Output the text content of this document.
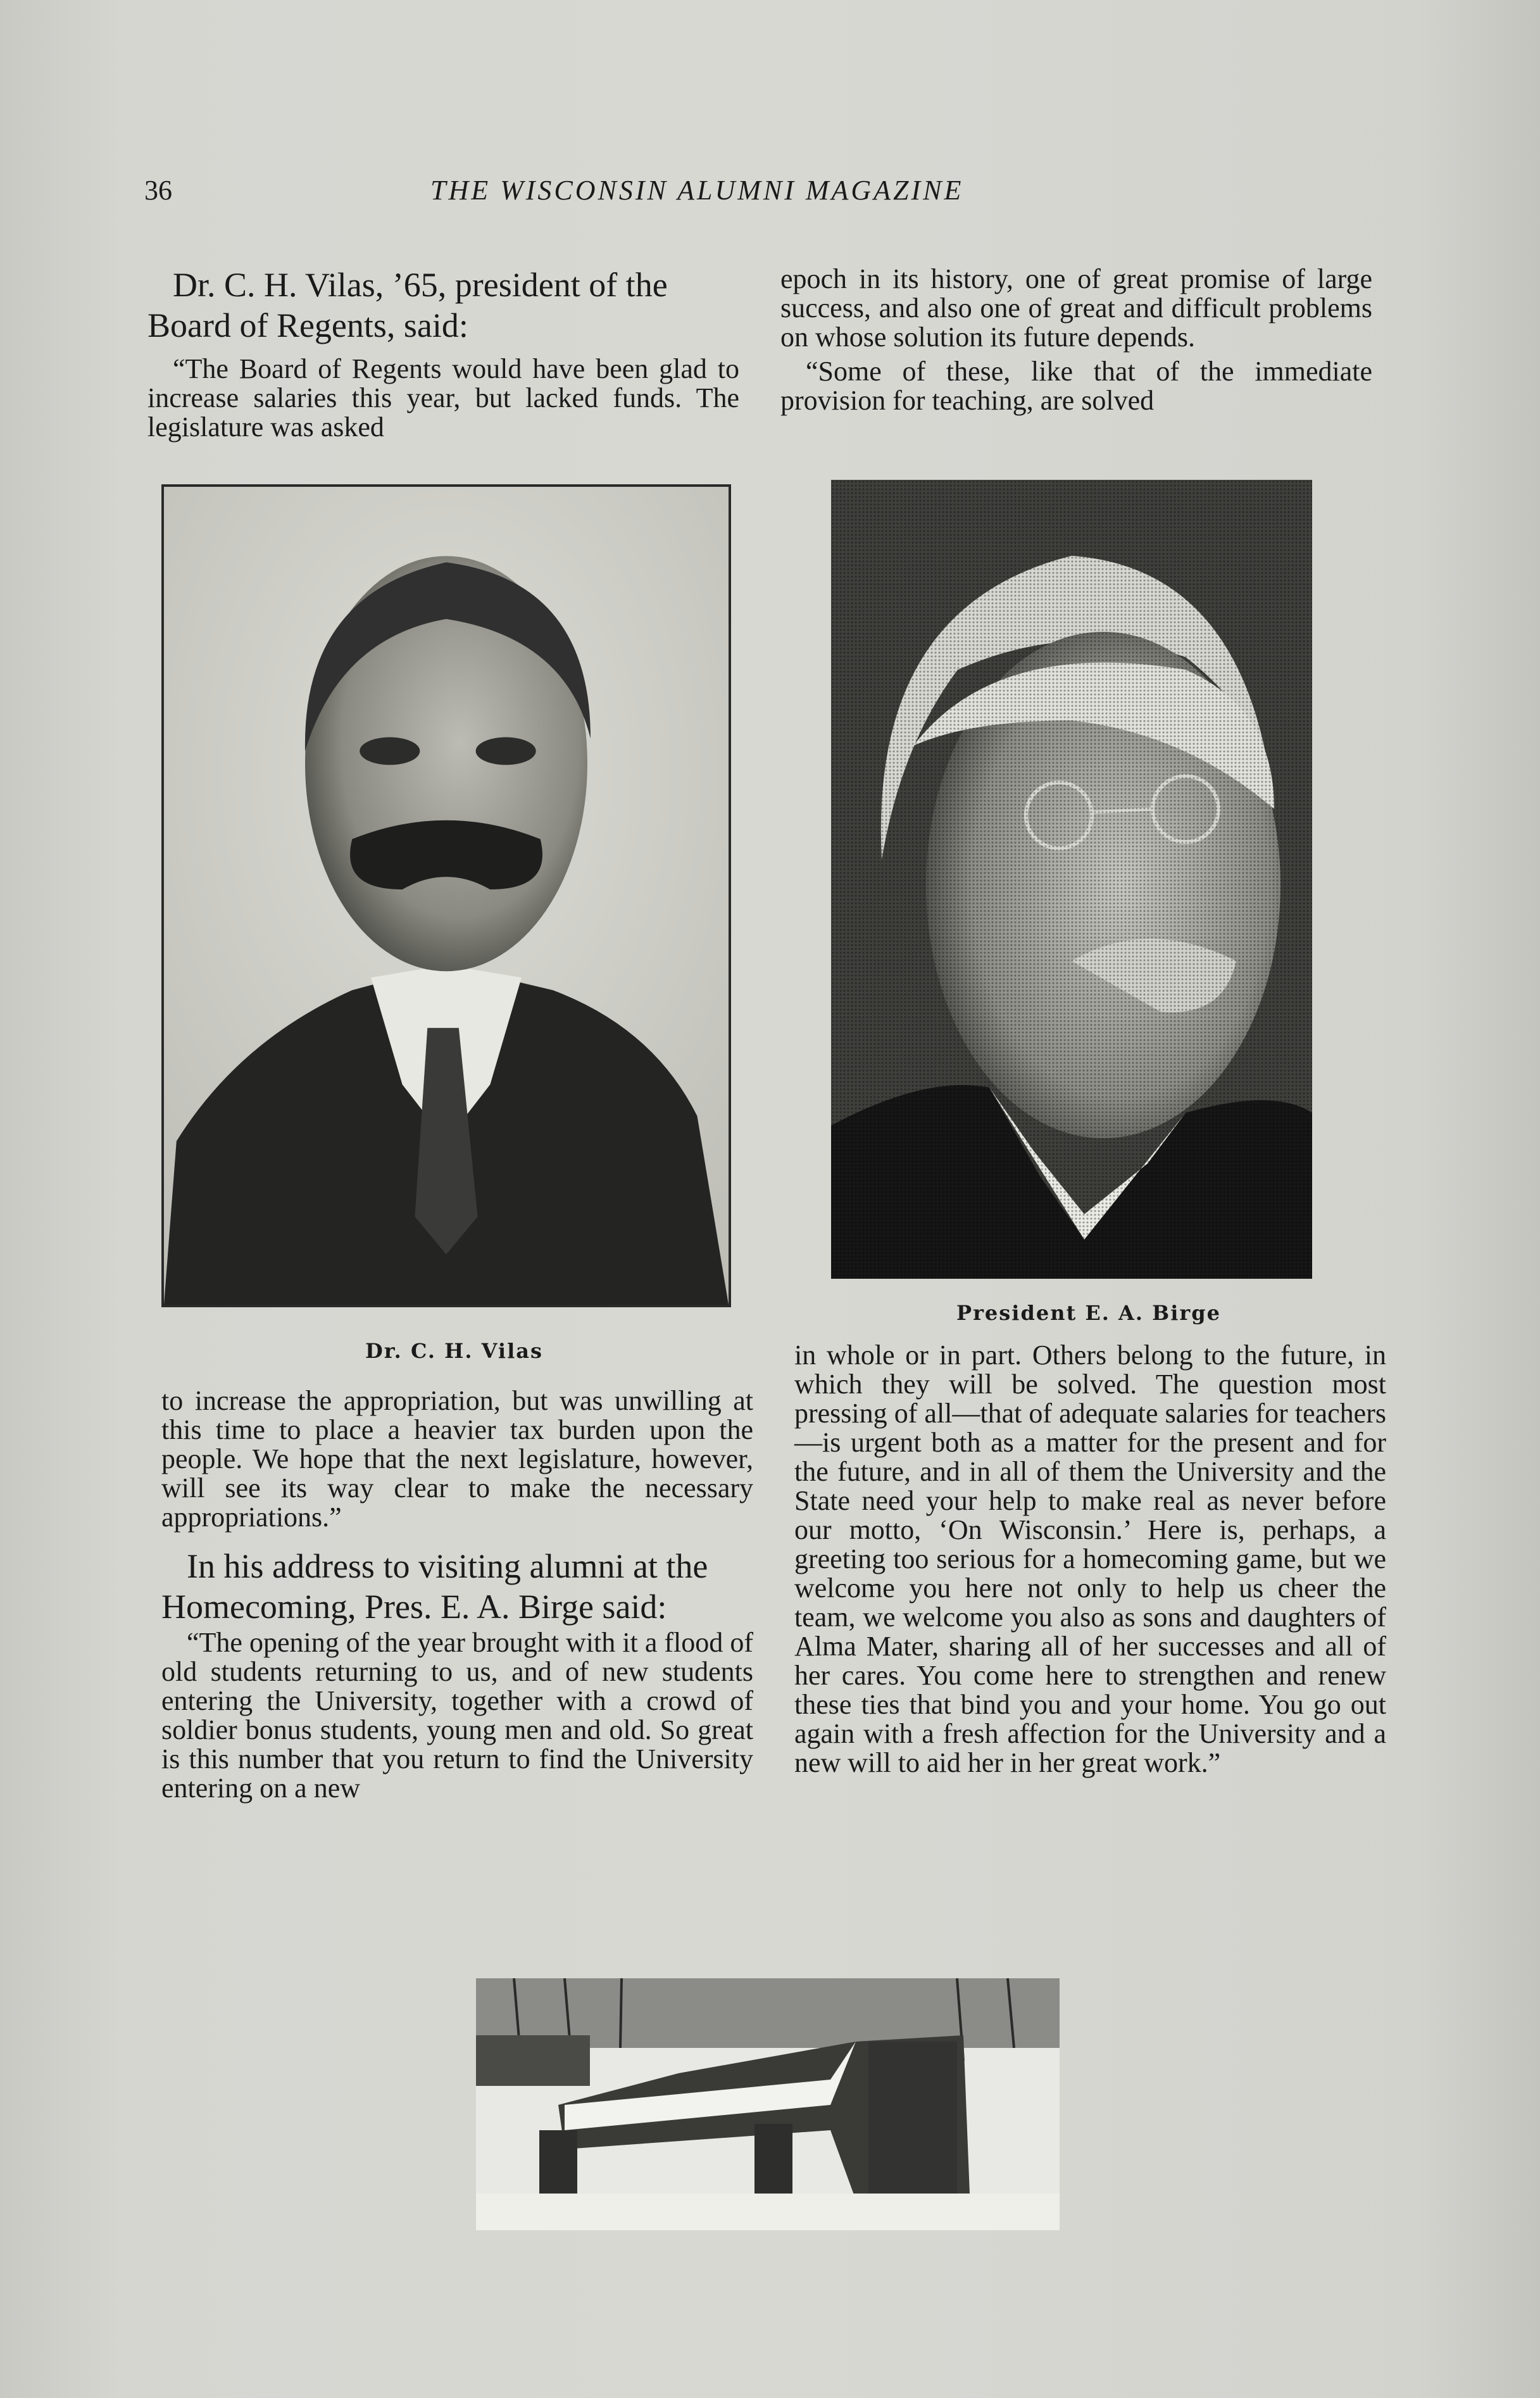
36	THE WISCONSIN ALUMNI MAGAZINE

Dr. C. H. Vilas, ’65, president of the Board of Regents, said:

“The Board of Regents would have been glad to increase salaries this year, but lacked funds. The legislature was asked

epoch in its history, one of great promise of large success, and also one of great and difficult problems on whose solution its future depends.

“Some of these, like that of the immediate provision for teaching, are solved

Dr. C. H. Vilas
President E. A. Birge

to increase the appropriation, but was unwilling at this time to place a heavier tax burden upon the people. We hope that the next legislature, however, will see its way clear to make the necessary appropriations.”

In his address to visiting alumni at the Homecoming, Pres. E. A. Birge said:

“The opening of the year brought with it a flood of old students returning to us, and of new students entering the University, together with a crowd of soldier bonus students, young men and old. So great is this number that you return to find the University entering on a new

in whole or in part. Others belong to the future, in which they will be solved. The question most pressing of all—that of adequate salaries for teachers—is urgent both as a matter for the present and for the future, and in all of them the University and the State need your help to make real as never before our motto, ‘On Wisconsin.’ Here is, perhaps, a greeting too serious for a homecoming game, but we welcome you here not only to help us cheer the team, we welcome you also as sons and daughters of Alma Mater, sharing all of her successes and all of her cares. You come here to strengthen and renew these ties that bind you and your home. You go out again with a fresh affection for the University and a new will to aid her in her great work.”
